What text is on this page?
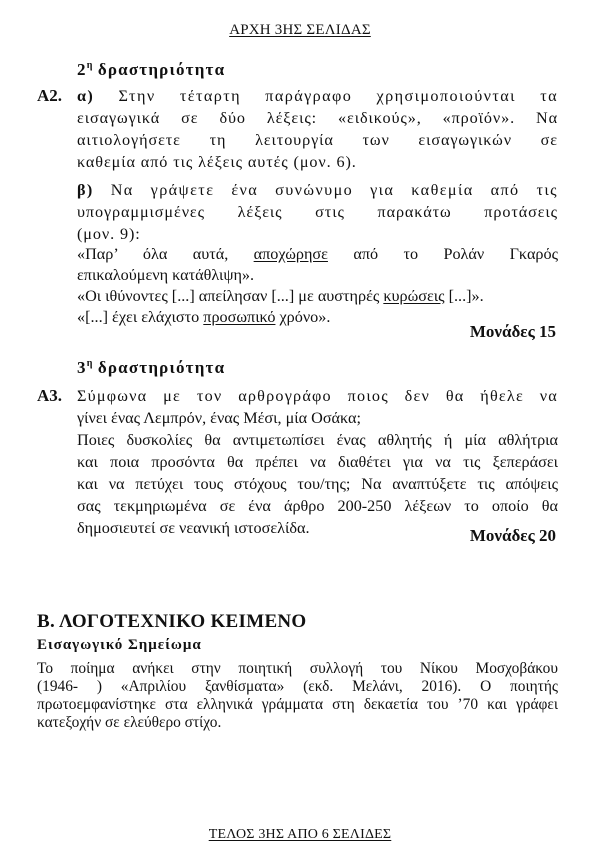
ΑΡΧΗ 3ΗΣ ΣΕΛΙΔΑΣ
$2^\eta$ δραστηριότητα
Α2. α) Στην τέταρτη παράγραφο χρησιμοποιούνται τα
εισαγωγικά σε δύο λέξεις: «ειδικούς», «προϊόν». Να
αιτιολογήσετε τη λειτουργία των εισαγωγικών σε
καθεμία από τις λέξεις αυτές (μον. 6).
β) Να γράψετε ένα συνώνυμο για καθεμία από τις
υπογραμμισμένες λέξεις στις παρακάτω προτάσεις
(μον. 9):
«Παρ’ όλα αυτά, αποχώρησε από το Ρολάν Γκαρός
επικαλούμενη κατάθλιψη».
«Οι ιθύνοντες [...] απείλησαν [...] με αυστηρές κυρώσεις [...]».
«[...] έχει ελάχιστο προσωπικό χρόνο».
Μονάδες 15
$3^\eta$ δραστηριότητα
Α3. Σύμφωνα με τον αρθρογράφο ποιος δεν θα ήθελε να
γίνει ένας Λεμπρόν, ένας Μέσι, μία Οσάκα;
Ποιες δυσκολίες θα αντιμετωπίσει ένας αθλητής ή μία αθλήτρια
και ποια προσόντα θα πρέπει να διαθέτει για να τις ξεπεράσει
και να πετύχει τους στόχους του/της; Να αναπτύξετε τις απόψεις
σας τεκμηριωμένα σε ένα άρθρο 200-250 λέξεων το οποίο θα
δημοσιευτεί σε νεανική ιστοσελίδα.	Μονάδες 20
Β. ΛΟΓΟΤΕΧΝΙΚΟ ΚΕΙΜΕΝΟ
Εισαγωγικό Σημείωμα
Το ποίημα ανήκει στην ποιητική συλλογή του Νίκου Μοσχοβάκου
(1946- ) «Απριλίου ξανθίσματα» (εκδ. Μελάνι, 2016). Ο ποιητής
πρωτοεμφανίστηκε στα ελληνικά γράμματα στη δεκαετία του ’70 και γράφει
κατεξοχήν σε ελεύθερο στίχο.
ΤΕΛΟΣ 3ΗΣ ΑΠΟ 6 ΣΕΛΙΔΕΣ
